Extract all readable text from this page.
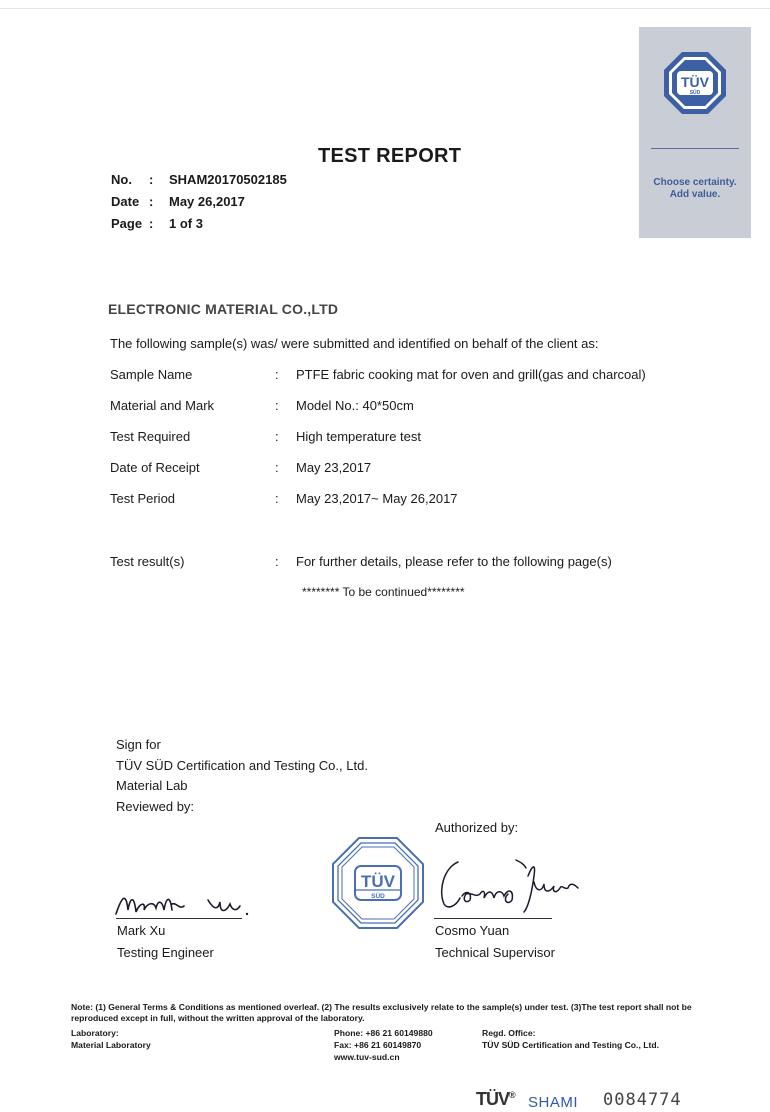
TÜV
SÜD
Choose certainty.
Add value.
TEST REPORT
No. : SHAM20170502185
Date : May 26,2017
Page : 1 of 3
ELECTRONIC MATERIAL CO.,LTD
The following sample(s) was/ were submitted and identified on behalf of the client as:
Sample Name	: PTFE fabric cooking mat for oven and grill(gas and charcoal)
Material and Mark	: Model No.: 40*50cm
Test Required	: High temperature test
Date of Receipt	: May 23,2017
Test Period	: May 23,2017~ May 26,2017
Test result(s)	: For further details, please refer to the following page(s)
******** To be continued********
Sign for
TÜV SÜD Certification and Testing Co., Ltd.
Material Lab
Reviewed by:
Authorized by:
Mark Xu
Testing Engineer
TÜV
SÜD
Cosmo Yuan
Technical Supervisor
Note: (1) General Terms & Conditions as mentioned overleaf. (2) The results exclusively relate to the sample(s) under test. (3)The test report shall not be reproduced except in full, without the written approval of the laboratory.
Laboratory:
Material Laboratory
Phone: +86 21 60149880
Fax: +86 21 60149870
www.tuv-sud.cn
Regd. Office:
TÜV SÜD Certification and Testing Co., Ltd.
TÜV® SHAMI 0084774
